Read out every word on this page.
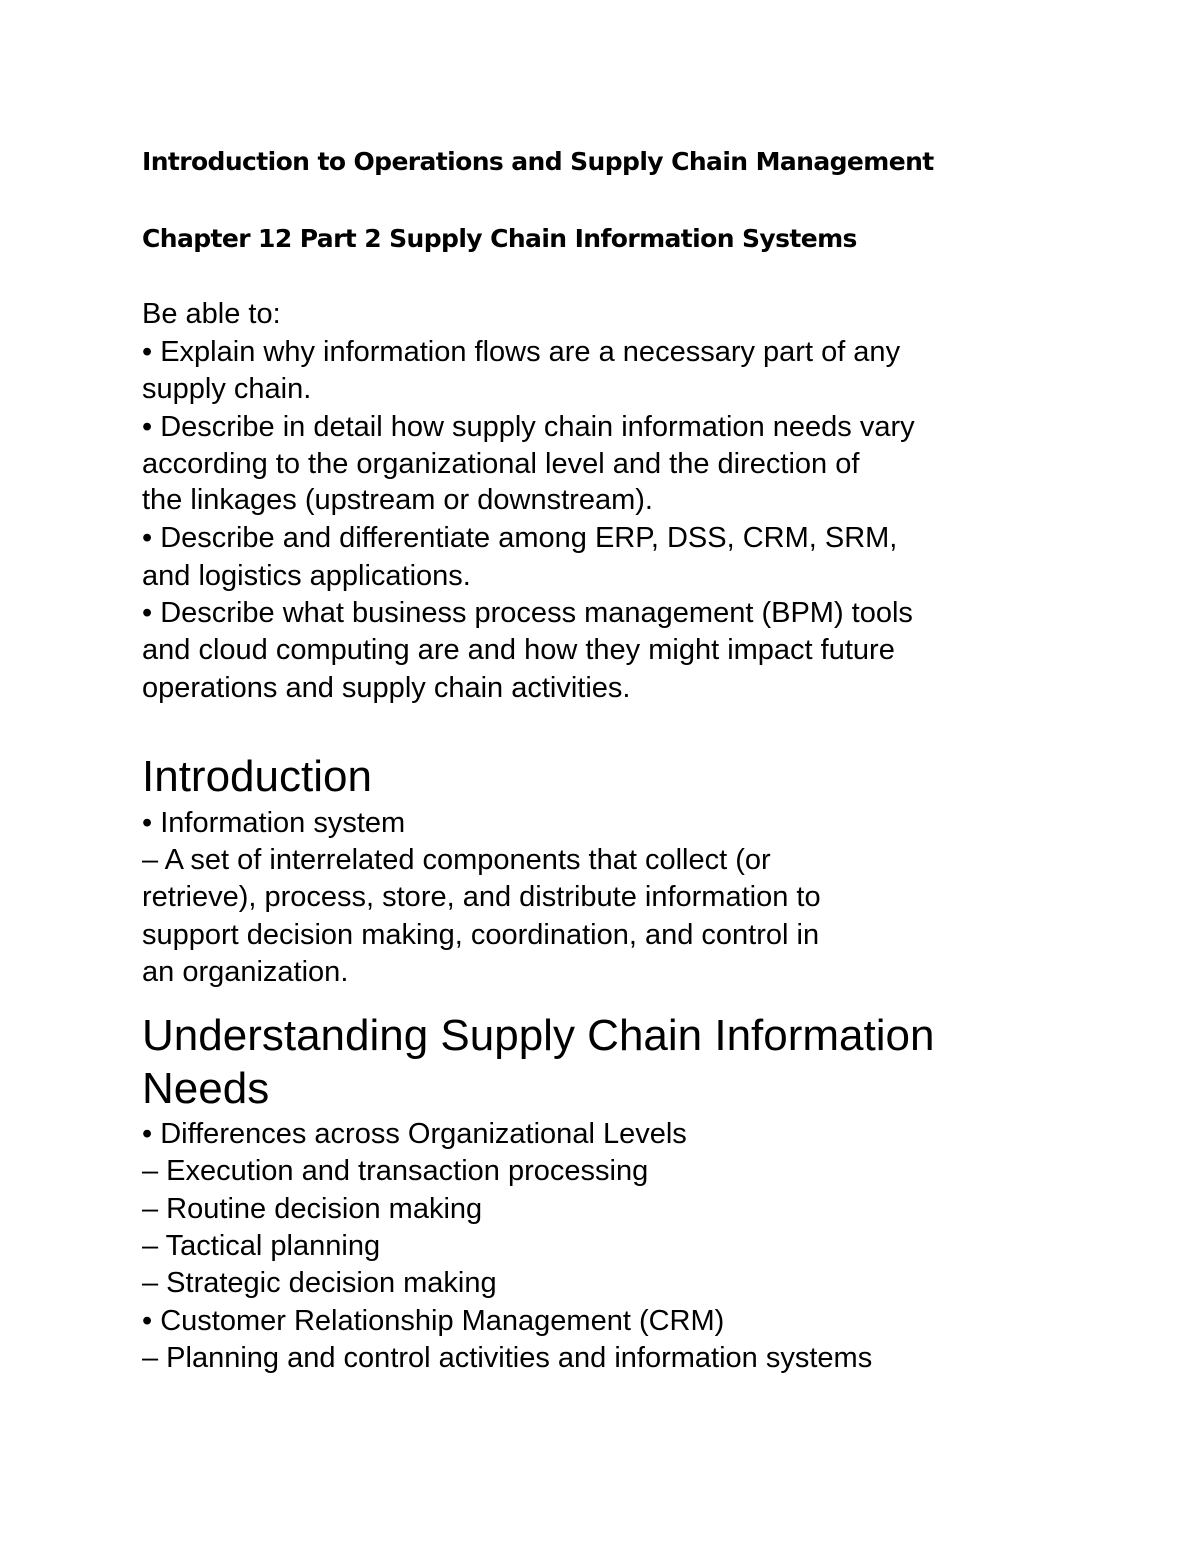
Introduction to Operations and Supply Chain Management

Chapter 12 Part 2 Supply Chain Information Systems

Be able to:

• Explain why information flows are a necessary part of any

supply chain.

• Describe in detail how supply chain information needs vary

according to the organizational level and the direction of

the linkages (upstream or downstream).

• Describe and differentiate among ERP, DSS, CRM, SRM,

and logistics applications.

• Describe what business process management (BPM) tools

and cloud computing are and how they might impact future

operations and supply chain activities.

Introduction

• Information system

– A set of interrelated components that collect (or

retrieve), process, store, and distribute information to

support decision making, coordination, and control in

an organization.

Understanding Supply Chain Information

Needs

• Differences across Organizational Levels

– Execution and transaction processing

– Routine decision making

– Tactical planning

– Strategic decision making

• Customer Relationship Management (CRM)

– Planning and control activities and information systems
